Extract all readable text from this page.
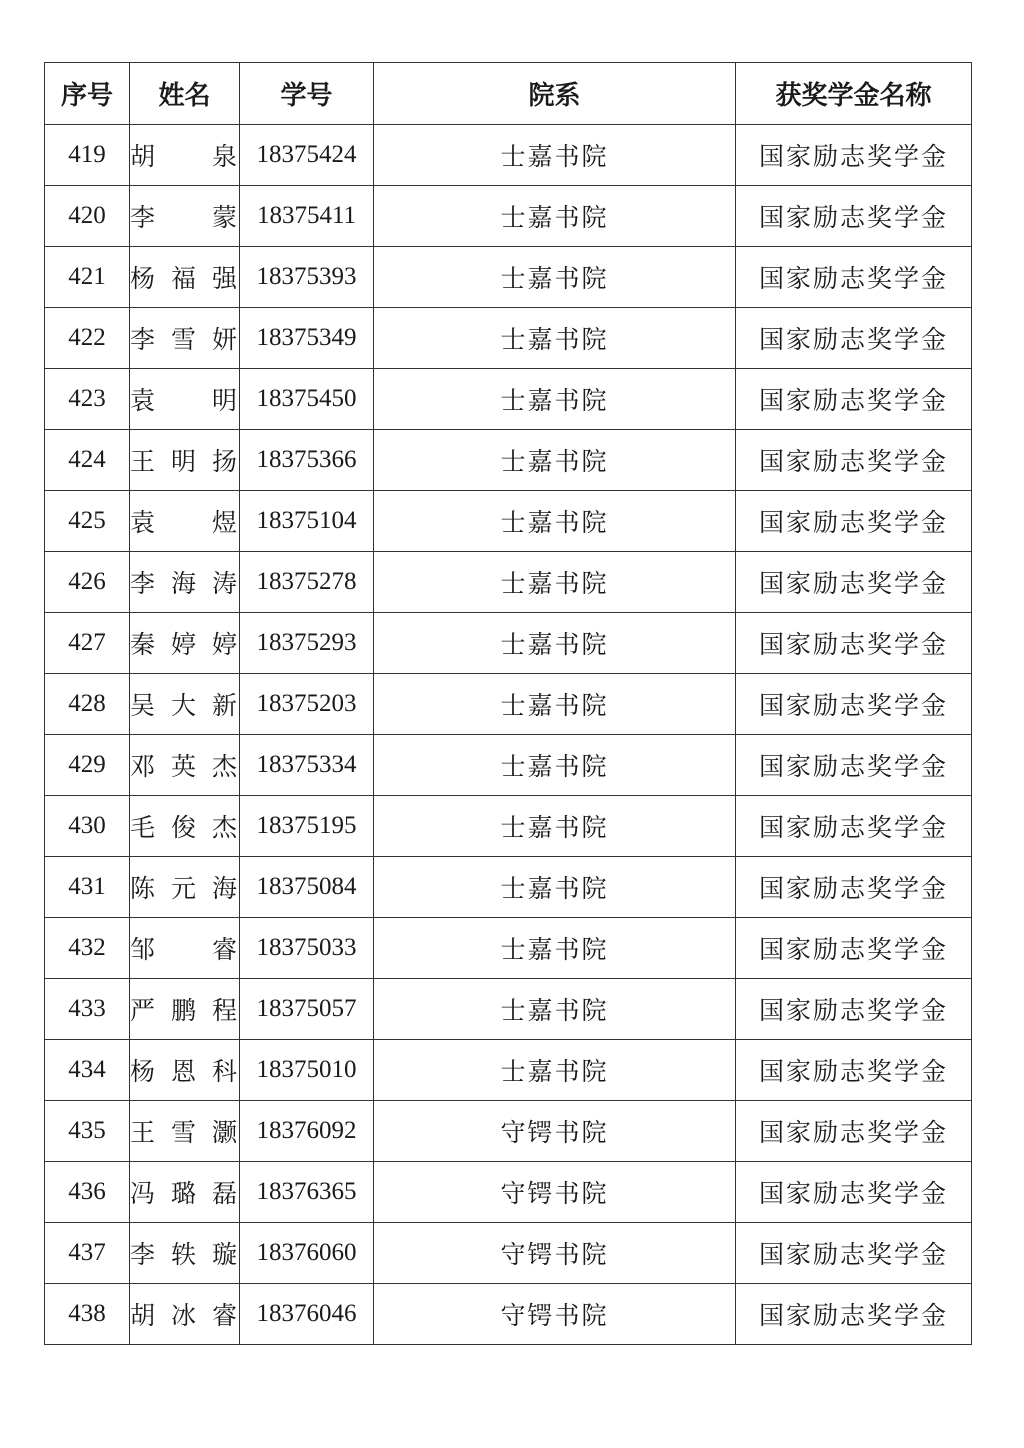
序号	姓名	学号	院系	获奖学金名称
419	胡　泉	18375424	士嘉书院	国家励志奖学金
420	李　蒙	18375411	士嘉书院	国家励志奖学金
421	杨福强	18375393	士嘉书院	国家励志奖学金
422	李雪妍	18375349	士嘉书院	国家励志奖学金
423	袁　明	18375450	士嘉书院	国家励志奖学金
424	王明扬	18375366	士嘉书院	国家励志奖学金
425	袁　煜	18375104	士嘉书院	国家励志奖学金
426	李海涛	18375278	士嘉书院	国家励志奖学金
427	秦婷婷	18375293	士嘉书院	国家励志奖学金
428	吴大新	18375203	士嘉书院	国家励志奖学金
429	邓英杰	18375334	士嘉书院	国家励志奖学金
430	毛俊杰	18375195	士嘉书院	国家励志奖学金
431	陈元海	18375084	士嘉书院	国家励志奖学金
432	邹　睿	18375033	士嘉书院	国家励志奖学金
433	严鹏程	18375057	士嘉书院	国家励志奖学金
434	杨恩科	18375010	士嘉书院	国家励志奖学金
435	王雪灏	18376092	守锷书院	国家励志奖学金
436	冯璐磊	18376365	守锷书院	国家励志奖学金
437	李轶璇	18376060	守锷书院	国家励志奖学金
438	胡冰睿	18376046	守锷书院	国家励志奖学金
